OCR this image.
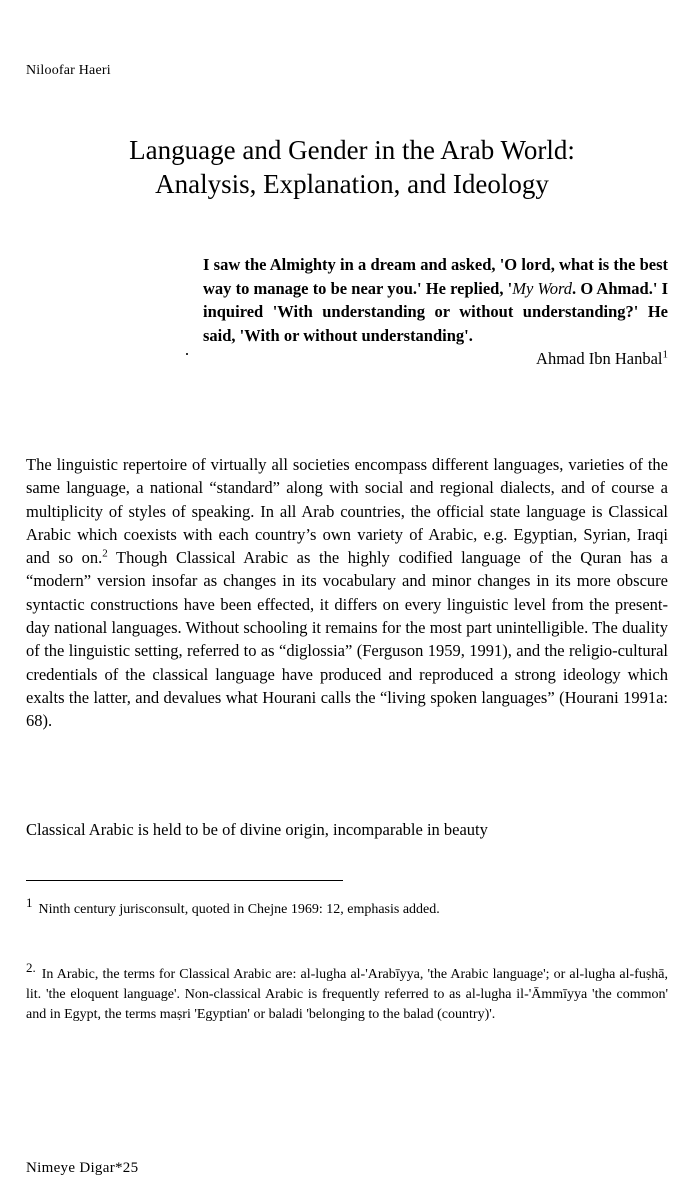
Niloofar Haeri
Language and Gender in the Arab World:
Analysis, Explanation, and Ideology

I saw the Almighty in a dream and asked, 'O lord, what is the best way to manage to be near you.' He replied, 'My Word. O Ahmad.' I inquired 'With understanding or without understanding?' He said, 'With or without understanding'.

Ahmad Ibn Hanbal$^1$

The linguistic repertoire of virtually all societies encompass different languages, varieties of the same language, a national “standard” along with social and regional dialects, and of course a multiplicity of styles of speaking. In all Arab countries, the official state language is Classical Arabic which coexists with each country’s own variety of Arabic, e.g. Egyptian, Syrian, Iraqi and so on.$^2$ Though Classical Arabic as the highly codified language of the Quran has a “modern” version insofar as changes in its vocabulary and minor changes in its more obscure syntactic constructions have been effected, it differs on every linguistic level from the present-day national languages. Without schooling it remains for the most part unintelligible. The duality of the linguistic setting, referred to as “diglossia” (Ferguson 1959, 1991), and the religio-cultural credentials of the classical language have produced and reproduced a strong ideology which exalts the latter, and devalues what Hourani calls the “living spoken languages” (Hourani 1991a: 68).

Classical Arabic is held to be of divine origin, incomparable in beauty

1 Ninth century jurisconsult, quoted in Chejne 1969: 12, emphasis added.

2. In Arabic, the terms for Classical Arabic are: al-lugha al-'Arabīyya, 'the Arabic language'; or al-lugha al-fuṣhā, lit. 'the eloquent language'. Non-classical Arabic is frequently referred to as al-lugha il-'Āmmīyya 'the common' and in Egypt, the terms maṣri 'Egyptian' or baladi 'belonging to the balad (country)'.

Nimeye Digar*25
